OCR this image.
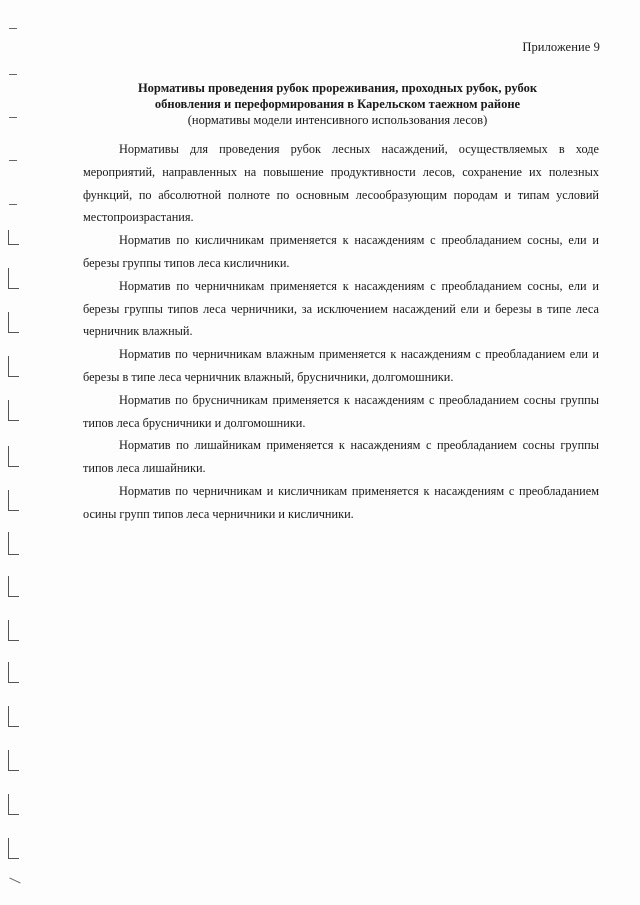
Приложение 9
Нормативы проведения рубок прореживания, проходных рубок, рубок
обновления и переформирования в Карельском таежном районе
(нормативы модели интенсивного использования лесов)

Нормативы для проведения рубок лесных насаждений, осуществляемых в ходе мероприятий, направленных на повышение продуктивности лесов, сохранение их полезных функций, по абсолютной полноте по основным лесообразующим породам и типам условий местопроизрастания.

Норматив по кисличникам применяется к насаждениям с преобладанием сосны, ели и березы группы типов леса кисличники.

Норматив по черничникам применяется к насаждениям с преобладанием сосны, ели и березы группы типов леса черничники, за исключением насаждений ели и березы в типе леса черничник влажный.

Норматив по черничникам влажным применяется к насаждениям с преобладанием ели и березы в типе леса черничник влажный, брусничники, долгомошники.

Норматив по брусничникам применяется к насаждениям с преобладанием сосны группы типов леса брусничники и долгомошники.

Норматив по лишайникам применяется к насаждениям с преобладанием сосны группы типов леса лишайники.

Норматив по черничникам и кисличникам применяется к насаждениям с преобладанием осины групп типов леса черничники и кисличники.
